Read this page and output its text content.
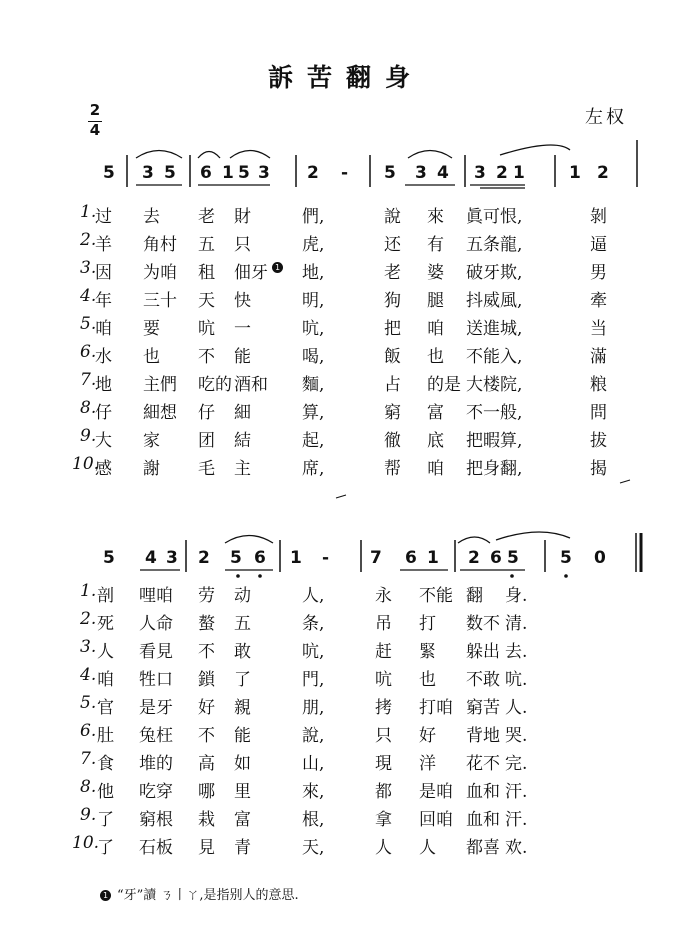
訴苦翻身
2
4
左权
5 3 5 6 1 5 3 2 - 5 3 4 3 2 1	1 2
5 4 3 2 5 6 1 - 7 6 1 2 6 5 5 0
1.
过 去 老 財	們,	說 來 眞可恨,	剝
2.
羊 角村 五 只	虎,	还 有 五条龍,	逼
3.
因 为咱 租 佃牙 地,	老 婆 破牙欺,	男
4.
年 三十 天 快	明,	狗 腿 抖威風,	牽
5.
咱 要 吭 一	吭,	把 咱 送進城,	当
6.
水 也 不 能	喝,	飯 也 不能入,	滿
7.
地 主們 吃的 酒和 麵,	占 的是 大楼院,	粮
8.
仔 細想 仔 細	算,	窮 富 不一般,	問
9.
大 家 团 結	起,	徹 底 把暇算,	拔
10.
感 謝 毛 主	席,	帮 咱 把身翻,	揭
1. 剖 哩咱 劳 动	人,	永 不能 翻 身.
2. 死 人命 螯 五	条,	吊 打 数不 清.
3. 人 看見 不 敢	吭,	赶 緊 躲出 去.
4. 咱 牲口 鎖 了	門,	吭 也 不敢 吭.
5. 官 是牙 好 親	朋,	拷 打咱 窮苦 人.
6. 肚 兔枉 不 能	說,	只 好 背地 哭.
7. 食 堆的 高 如	山,	現 洋 花不 完.
8. 他 吃穿 哪 里	來,	都 是咱 血和 汗.
9. 了 窮根 栽 富	根,	拿 回咱 血和 汗.
10.
了 石板 見 青	天,	人 人 都喜 欢.
1
1 “牙”讀 ㄋ丨ㄚ,是指别人的意思.
